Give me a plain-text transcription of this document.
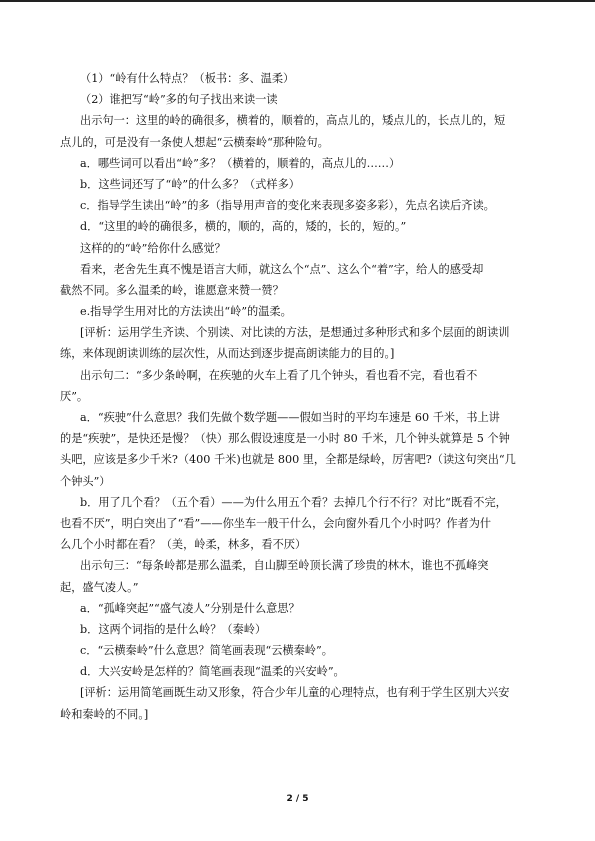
（1）“岭有什么特点？（板书：多、温柔）
（2）谁把写“岭”多的句子找出来读一读
出示句一：这里的岭的确很多，横着的，顺着的，高点儿的，矮点儿的，长点儿的，短
点儿的，可是没有一条使人想起“云横秦岭“那种险句。
a．哪些词可以看出“岭”多？（横着的，顺着的，高点儿的……）
b．这些词还写了“岭”的什么多？（式样多）
c．指导学生读出“岭”的多（指导用声音的变化来表现多姿多彩），先点名读后齐读。
d．“这里的岭的确很多，横的，顺的，高的，矮的，长的，短的。”
这样的的“岭”给你什么感觉？
看来，老舍先生真不愧是语言大师，就这么个“点”、这么个“着”字，给人的感受却
截然不同。多么温柔的岭，谁愿意来赞一赞？
e.指导学生用对比的方法读出“岭”的温柔。
[评析：运用学生齐读、个别读、对比读的方法，是想通过多种形式和多个层面的朗读训
练，来体现朗读训练的层次性，从而达到逐步提高朗读能力的目的。]
出示句二：“多少条岭啊，在疾驰的火车上看了几个钟头，看也看不完，看也看不
厌”。
a．“疾驶”什么意思？我们先做个数学题——假如当时的平均车速是 60 千米，书上讲
的是“疾驶”，是快还是慢？（快）那么假设速度是一小时 80 千米，几个钟头就算是 5 个钟
头吧，应该是多少千米?（400 千米)也就是 800 里，全都是绿岭，厉害吧?（读这句突出“几
个钟头”）
b．用了几个看？（五个看）——为什么用五个看？去掉几个行不行？对比“既看不完，
也看不厌”，明白突出了“看”——你坐车一般干什么，会向窗外看几个小时吗？作者为什
么几个小时都在看？（美，岭柔，林多，看不厌）
出示句三：“每条岭都是那么温柔，自山脚至岭顶长满了珍贵的林木，谁也不孤峰突
起，盛气凌人。”
a．“孤峰突起”“盛气凌人”分别是什么意思？
b．这两个词指的是什么岭？（秦岭）
c．“云横秦岭”什么意思？简笔画表现“云横秦岭”。
d．大兴安岭是怎样的？简笔画表现“温柔的兴安岭”。
[评析：运用简笔画既生动又形象，符合少年儿童的心理特点，也有利于学生区别大兴安
岭和秦岭的不同。]
2 / 5
